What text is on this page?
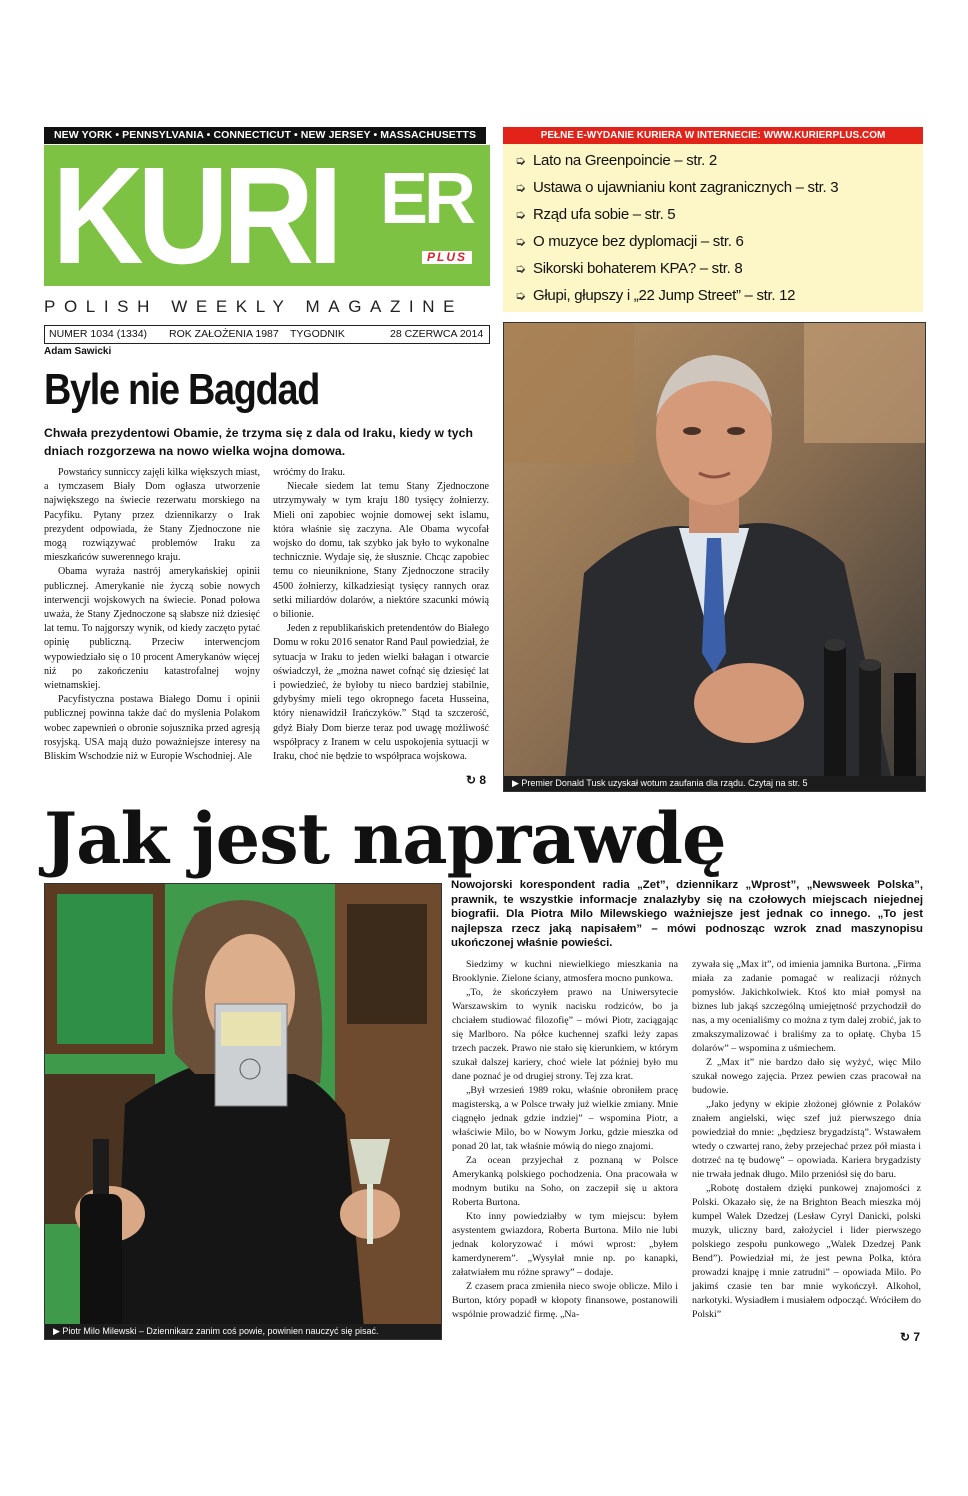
NEW YORK • PENNSYLVANIA • CONNECTICUT • NEW JERSEY • MASSACHUSETTS
KURI ER
PLUS
POLISH WEEKLY MAGAZINE
NUMER 1034 (1334) ROK ZAŁOŻENIA 1987 TYGODNIK	28 CZERWCA 2014
PEŁNE E-WYDANIE KURIERA W INTERNECIE: WWW.KURIERPLUS.COM
➭ Lato na Greenpoincie – str. 2
➭ Ustawa o ujawnianiu kont zagranicznych – str. 3
➭ Rząd ufa sobie – str. 5
➭ O muzyce bez dyplomacji – str. 6
➭ Sikorski bohaterem KPA? – str. 8
➭ Głupi, głupszy i „22 Jump Street” – str. 12
▶ Premier Donald Tusk uzyskał wotum zaufania dla rządu. Czytaj na str. 5
Adam Sawicki
Byle nie Bagdad
Chwała prezydentowi Obamie, że trzyma się z dala od Iraku, kiedy w tych dniach rozgorzewa na nowo wielka wojna domowa.

Powstańcy sunniccy zajęli kilka większych miast, a tymczasem Biały Dom ogłasza utworzenie największego na świecie rezerwatu morskiego na Pacyfiku. Pytany przez dziennikarzy o Irak prezydent odpowiada, że Stany Zjednoczone nie mogą rozwiązywać problemów Iraku za mieszkańców suwerennego kraju.

Obama wyraża nastrój amerykańskiej opinii publicznej. Amerykanie nie życzą sobie nowych interwencji wojskowych na świecie. Ponad połowa uważa, że Stany Zjednoczone są słabsze niż dziesięć lat temu. To najgorszy wynik, od kiedy zaczęto pytać opinię publiczną. Przeciw interwencjom wypowiedziało się o 10 procent Amerykanów więcej niż po zakończeniu katastrofalnej wojny wietnamskiej.

Pacyfistyczna postawa Białego Domu i opinii publicznej powinna także dać do myślenia Polakom wobec zapewnień o obronie sojusznika przed agresją rosyjską. USA mają dużo poważniejsze interesy na Bliskim Wschodzie niż w Europie Wschodniej. Ale

wróćmy do Iraku.

Niecałe siedem lat temu Stany Zjednoczone utrzymywały w tym kraju 180 tysięcy żołnierzy. Mieli oni zapobiec wojnie domowej sekt islamu, która właśnie się zaczyna. Ale Obama wycofał wojsko do domu, tak szybko jak było to wykonalne technicznie. Wydaje się, że słusznie. Chcąc zapobiec temu co nieuniknione, Stany Zjednoczone straciły 4500 żołnierzy, kilkadziesiąt tysięcy rannych oraz setki miliardów dolarów, a niektóre szacunki mówią o bilionie.

Jeden z republikańskich pretendentów do Białego Domu w roku 2016 senator Rand Paul powiedział, że sytuacja w Iraku to jeden wielki bałagan i otwarcie oświadczył, że „można nawet cofnąć się dziesięć lat i powiedzieć, że byłoby tu nieco bardziej stabilnie, gdybyśmy mieli tego okropnego faceta Husseina, który nienawidził Irańczyków.” Stąd ta szczerość, gdyż Biały Dom bierze teraz pod uwagę możliwość współpracy z Iranem w celu uspokojenia sytuacji w Iraku, choć nie będzie to współpraca wojskowa.

↻ 8
Jak jest naprawdę
▶ Piotr Milo Milewski – Dziennikarz zanim coś powie, powinien nauczyć się pisać.
Nowojorski korespondent radia „Zet”, dziennikarz „Wprost”, „Newsweek Polska”, prawnik, te wszystkie informacje znalazłyby się na czołowych miejscach niejednej biografii. Dla Piotra Milo Milewskiego ważniejsze jest jednak co innego. „To jest najlepsza rzecz jaką napisałem” – mówi podnosząc wzrok znad maszynopisu ukończonej właśnie powieści.

Siedzimy w kuchni niewielkiego mieszkania na Brooklynie. Zielone ściany, atmosfera mocno punkowa.

„To, że skończyłem prawo na Uniwersytecie Warszawskim to wynik nacisku rodziców, bo ja chciałem studiować filozofię” – mówi Piotr, zaciągając się Marlboro. Na półce kuchennej szafki leży zapas trzech paczek. Prawo nie stało się kierunkiem, w którym szukał dalszej kariery, choć wiele lat później było mu dane poznać je od drugiej strony. Tej zza krat.

„Był wrzesień 1989 roku, właśnie obroniłem pracę magisterską, a w Polsce trwały już wielkie zmiany. Mnie ciągnęło jednak gdzie indziej” – wspomina Piotr, a właściwie Milo, bo w Nowym Jorku, gdzie mieszka od ponad 20 lat, tak właśnie mówią do niego znajomi.

Za ocean przyjechał z poznaną w Polsce Amerykanką polskiego pochodzenia. Ona pracowała w modnym butiku na Soho, on zaczepił się u aktora Roberta Burtona.

Kto inny powiedziałby w tym miejscu: byłem asystentem gwiazdora, Roberta Burtona. Milo nie lubi jednak koloryzować i mówi wprost: „byłem kamerdynerem”. „Wysyłał mnie np. po kanapki, załatwiałem mu różne sprawy” – dodaje.

Z czasem praca zmieniła nieco swoje oblicze. Milo i Burton, który popadł w kłopoty finansowe, postanowili wspólnie prowadzić firmę. „Na-

zywała się „Max it”, od imienia jamnika Burtona. „Firma miała za zadanie pomagać w realizacji różnych pomysłów. Jakichkolwiek. Ktoś kto miał pomysł na biznes lub jakąś szczególną umiejętność przychodził do nas, a my ocenialiśmy co można z tym dalej zrobić, jak to zmakszymalizować i braliśmy za to opłatę. Chyba 15 dolarów” – wspomina z uśmiechem.

Z „Max it” nie bardzo dało się wyżyć, więc Milo szukał nowego zajęcia. Przez pewien czas pracował na budowie.

„Jako jedyny w ekipie złożonej głównie z Polaków znałem angielski, więc szef już pierwszego dnia powiedział do mnie: „będziesz brygadzistą”. Wstawałem wtedy o czwartej rano, żeby przejechać przez pół miasta i dotrzeć na tę budowę” – opowiada. Kariera brygadzisty nie trwała jednak długo. Milo przeniósł się do baru.

„Robotę dostałem dzięki punkowej znajomości z Polski. Okazało się, że na Brighton Beach mieszka mój kumpel Walek Dzedzej (Lesław Cyryl Danicki, polski muzyk, uliczny bard, założyciel i lider pierwszego polskiego zespołu punkowego „Walek Dzedzej Pank Bend”). Powiedział mi, że jest pewna Polka, która prowadzi knajpę i mnie zatrudni” – opowiada Milo. Po jakimś czasie ten bar mnie wykończył. Alkohol, narkotyki. Wysiadłem i musiałem odpocząć. Wróciłem do Polski”

↻ 7
